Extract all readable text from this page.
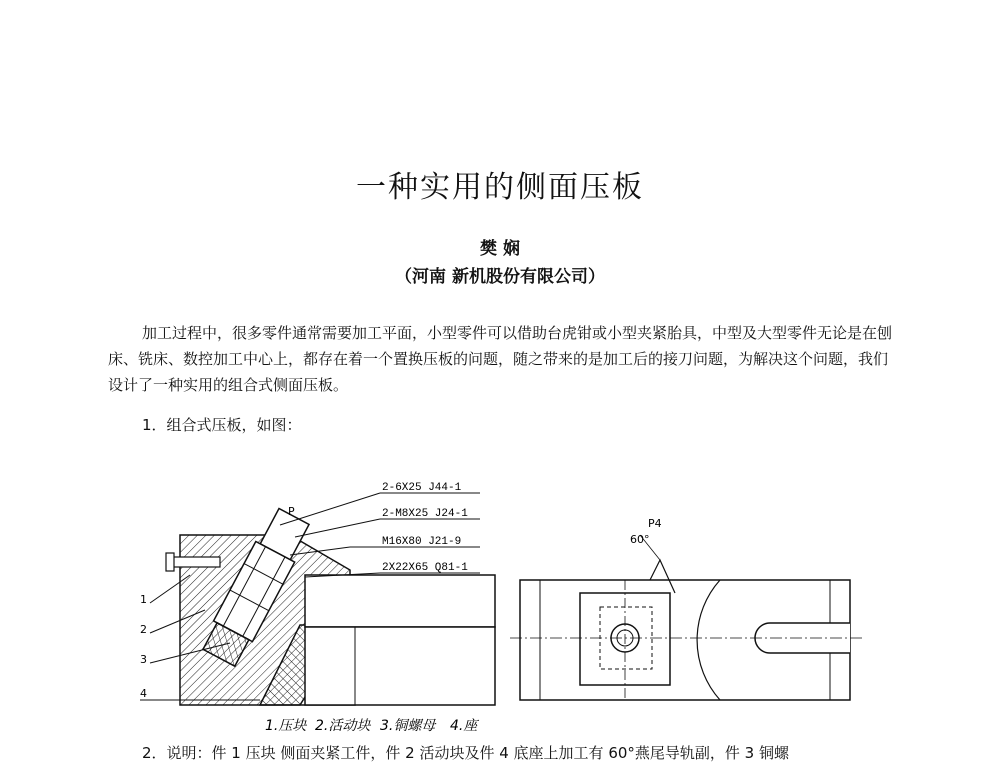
一种实用的侧面压板
樊 娴
（河南 新机股份有限公司）
加工过程中，很多零件通常需要加工平面，小型零件可以借助台虎钳或小型夹紧胎具，中型及大型零件无论是在刨床、铣床、数控加工中心上，都存在着一个置换压板的问题，随之带来的是加工后的接刀问题，为解决这个问题，我们设计了一种实用的组合式侧面压板。
1．组合式压板，如图：
2-6X25 J44-1
2-M8X25 J24-1
M16X80 J21-9
2X22X65 Q81-1
P
1
2
3
4
60°
P4
1.压块 2.活动块 3.铜螺母 4.座
2．说明：件 1 压块 侧面夹紧工件，件 2 活动块及件 4 底座上加工有 60°燕尾导轨副，件 3 铜螺
